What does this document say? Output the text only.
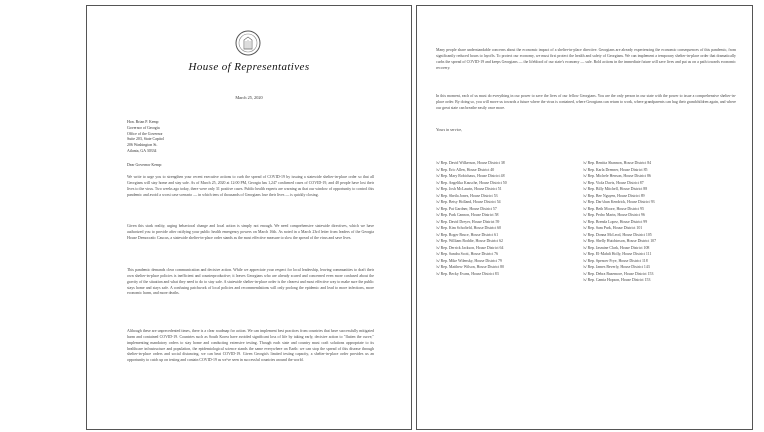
House of Representatives
March 25, 2020
Hon. Brian P. Kemp
Governor of Georgia
Office of the Governor
Suite 203, State Capitol
206 Washington St.
Atlanta, GA 30334
Dear Governor Kemp:

We write to urge you to strengthen your recent executive actions to curb the spread of COVID-19 by issuing a statewide shelter-in-place order so that all Georgians will stay home and stay safe. As of March 25, 2020 at 12:00 PM, Georgia has 1,247 confirmed cases of COVID-19, and 40 people have lost their lives to the virus. Two weeks ago today, there were only 31 positive cases. Public health experts are warning us that our window of opportunity to control this pandemic and avoid a worst case scenario — in which tens of thousands of Georgians lose their lives — is quickly closing.

Given this stark reality, urging behavioral change and local action is simply not enough. We need comprehensive statewide directives, which we have authorized you to provide after ratifying your public health emergency powers on March 16th. As noted in a March 23rd letter from leaders of the Georgia House Democratic Caucus, a statewide shelter-in-place order stands as the most effective measure to slow the spread of the virus and save lives.

This pandemic demands clear communication and decisive action. While we appreciate your respect for local leadership, leaving communities to draft their own shelter-in-place policies is inefficient and counterproductive; it leaves Georgians who are already scared and concerned even more confused about the gravity of the situation and what they need to do to stay safe. A statewide shelter-in-place order is the clearest and most effective way to make sure the public stays home and stays safe. A confusing patchwork of local policies and recommendations will only prolong the epidemic and lead to more infections, more economic harm, and more deaths.

Although these are unprecedented times, there is a clear roadmap for action. We can implement best practices from countries that have successfully mitigated harm and contained COVID-19. Countries such as South Korea have avoided significant loss of life by taking early, decisive action to "flatten the curve," implementing mandatory orders to stay home and conducting extensive testing. Though each state and country must craft solutions appropriate to its healthcare infrastructure and population, the epidemiological science stands the same everywhere on Earth: we can stop the spread of this disease through shelter-in-place orders and social distancing, we can beat COVID-19. Given Georgia's limited testing capacity, a shelter-in-place order provides us an opportunity to catch up on testing and contain COVID-19 as we've seen in successful countries around the world.

Many people share understandable concerns about the economic impact of a shelter-in-place directive. Georgians are already experiencing the economic consequences of this pandemic, from significantly reduced hours to layoffs. To protect our economy, we must first protect the health and safety of Georgians. We can implement a temporary shelter-in-place order that dramatically curbs the spread of COVID-19 and keeps Georgians — the lifeblood of our state's economy — safe. Bold actions in the immediate future will save lives and put us on a path towards economic recovery.

In this moment, each of us must do everything in our power to save the lives of our fellow Georgians. You are the only person in our state with the power to issue a comprehensive shelter-in-place order. By doing so, you will move us towards a future where the virus is contained, where Georgians can return to work, where grandparents can hug their grandchildren again, and where our great state can breathe easily once more.

Yours in service,
/s/ Rep. David Wilkerson, House District 38
/s/ Rep. Eric Allen, House District 40
/s/ Rep. Mary Robichaux, House District 48
/s/ Rep. Angelika Kausche, House District 50
/s/ Rep. Josh McLaurin, House District 51
/s/ Rep. Sheila Jones, House District 53
/s/ Rep. Betsy Holland, House District 54
/s/ Rep. Pat Gardner, House District 57
/s/ Rep. Park Cannon, House District 58
/s/ Rep. David Dreyer, House District 59
/s/ Rep. Kim Schofield, House District 60
/s/ Rep. Roger Bruce, House District 61
/s/ Rep. William Boddie, House District 62
/s/ Rep. Derrick Jackson, House District 64
/s/ Rep. Sandra Scott, House District 76
/s/ Rep. Mike Wilensky, House District 79
/s/ Rep. Matthew Wilson, House District 80
/s/ Rep. Becky Evans, House District 83
/s/ Rep. Renitta Shannon, House District 84
/s/ Rep. Karla Drenner, House District 85
/s/ Rep. Michele Henson, House District 86
/s/ Rep. Viola Davis, House District 87
/s/ Rep. Billy Mitchell, House District 88
/s/ Rep. Bee Nguyen, House District 89
/s/ Rep. Dar'shun Kendrick, House District 93
/s/ Rep. Beth Moore, House District 95
/s/ Rep. Pedro Marin, House District 96
/s/ Rep. Brenda Lopez, House District 99
/s/ Rep. Sam Park, House District 101
/s/ Rep. Donna McLeod, House District 105
/s/ Rep. Shelly Hutchinson, House District 107
/s/ Rep. Jasmine Clark, House District 108
/s/ Rep. El-Mahdi Holly, House District 111
/s/ Rep. Spencer Frye, House District 118
/s/ Rep. James Beverly, House District 143
/s/ Rep. Debra Bazemore, House District 153
/s/ Rep. Camia Hopson, House District 153
